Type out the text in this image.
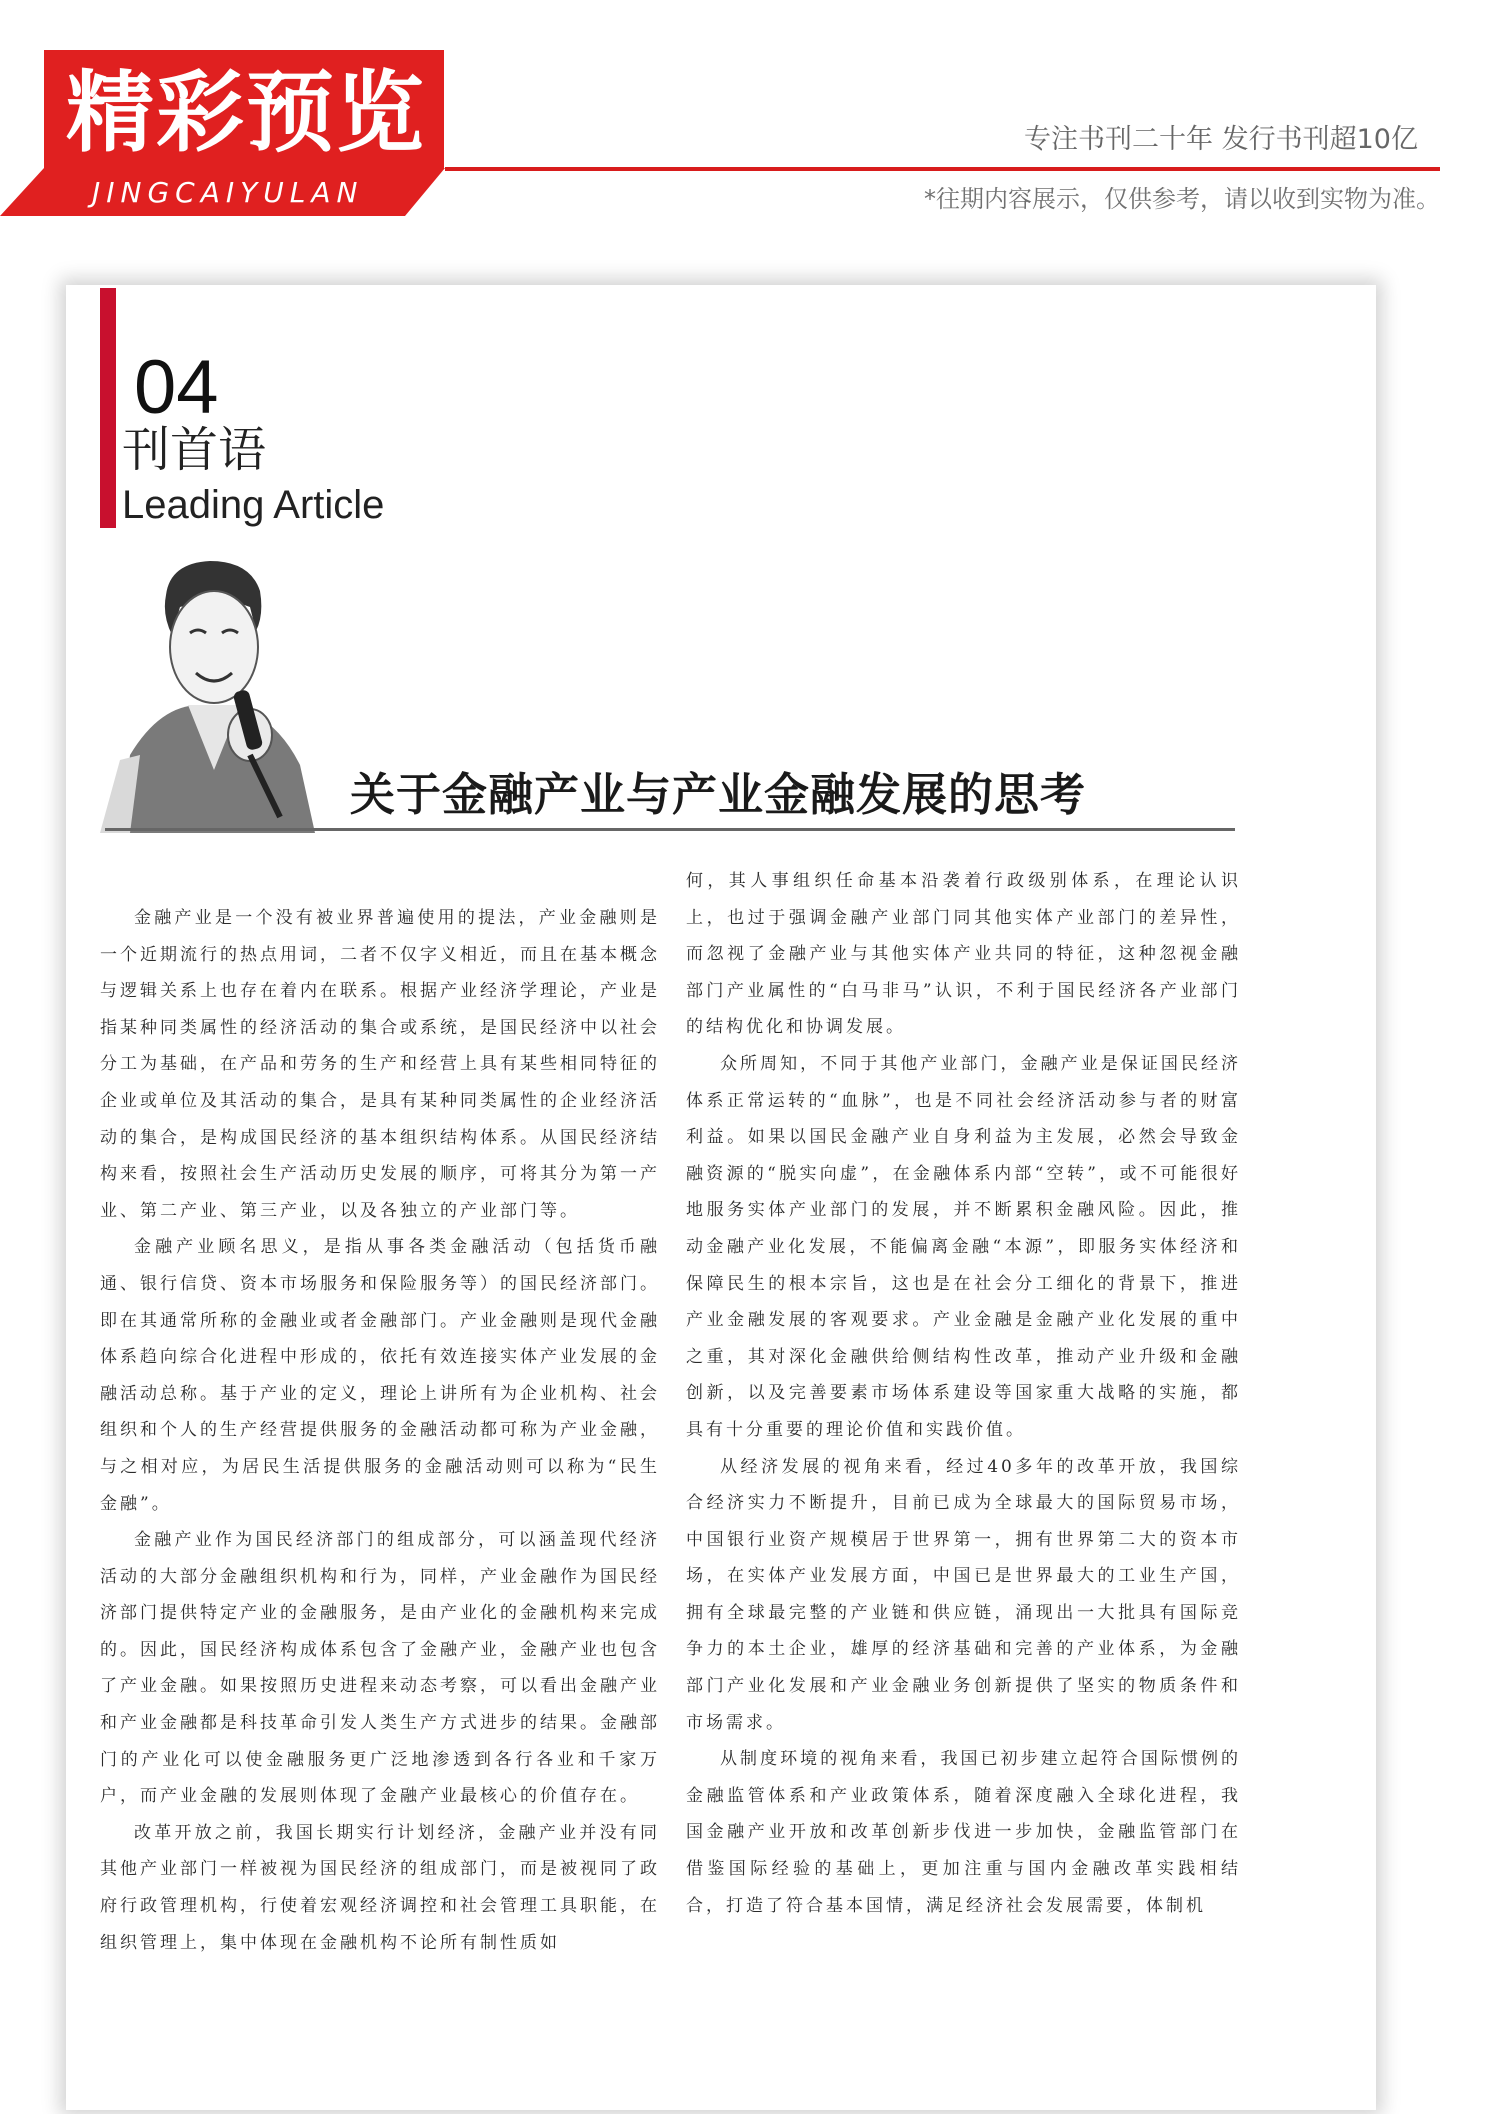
精彩预览
JINGCAIYULAN
专注书刊二十年 发行书刊超10亿
*往期内容展示，仅供参考，请以收到实物为准。
04
刊首语
Leading Article
关于金融产业与产业金融发展的思考

金融产业是一个没有被业界普遍使用的提法，产业金融则是一个近期流行的热点用词，二者不仅字义相近，而且在基本概念与逻辑关系上也存在着内在联系。根据产业经济学理论，产业是指某种同类属性的经济活动的集合或系统，是国民经济中以社会分工为基础，在产品和劳务的生产和经营上具有某些相同特征的企业或单位及其活动的集合，是具有某种同类属性的企业经济活动的集合，是构成国民经济的基本组织结构体系。从国民经济结构来看，按照社会生产活动历史发展的顺序，可将其分为第一产业、第二产业、第三产业，以及各独立的产业部门等。

金融产业顾名思义，是指从事各类金融活动（包括货币融通、银行信贷、资本市场服务和保险服务等）的国民经济部门。即在其通常所称的金融业或者金融部门。产业金融则是现代金融体系趋向综合化进程中形成的，依托有效连接实体产业发展的金融活动总称。基于产业的定义，理论上讲所有为企业机构、社会组织和个人的生产经营提供服务的金融活动都可称为产业金融，与之相对应，为居民生活提供服务的金融活动则可以称为“民生金融”。

金融产业作为国民经济部门的组成部分，可以涵盖现代经济活动的大部分金融组织机构和行为，同样，产业金融作为国民经济部门提供特定产业的金融服务，是由产业化的金融机构来完成的。因此，国民经济构成体系包含了金融产业，金融产业也包含了产业金融。如果按照历史进程来动态考察，可以看出金融产业和产业金融都是科技革命引发人类生产方式进步的结果。金融部门的产业化可以使金融服务更广泛地渗透到各行各业和千家万户，而产业金融的发展则体现了金融产业最核心的价值存在。

改革开放之前，我国长期实行计划经济，金融产业并没有同其他产业部门一样被视为国民经济的组成部门，而是被视同了政府行政管理机构，行使着宏观经济调控和社会管理工具职能，在组织管理上，集中体现在金融机构不论所有制性质如

何，其人事组织任命基本沿袭着行政级别体系，在理论认识上，也过于强调金融产业部门同其他实体产业部门的差异性，而忽视了金融产业与其他实体产业共同的特征，这种忽视金融部门产业属性的“白马非马”认识，不利于国民经济各产业部门的结构优化和协调发展。

众所周知，不同于其他产业部门，金融产业是保证国民经济体系正常运转的“血脉”，也是不同社会经济活动参与者的财富利益。如果以国民金融产业自身利益为主发展，必然会导致金融资源的“脱实向虚”，在金融体系内部“空转”，或不可能很好地服务实体产业部门的发展，并不断累积金融风险。因此，推动金融产业化发展，不能偏离金融“本源”，即服务实体经济和保障民生的根本宗旨，这也是在社会分工细化的背景下，推进产业金融发展的客观要求。产业金融是金融产业化发展的重中之重，其对深化金融供给侧结构性改革，推动产业升级和金融创新，以及完善要素市场体系建设等国家重大战略的实施，都具有十分重要的理论价值和实践价值。

从经济发展的视角来看，经过40多年的改革开放，我国综合经济实力不断提升，目前已成为全球最大的国际贸易市场，中国银行业资产规模居于世界第一，拥有世界第二大的资本市场，在实体产业发展方面，中国已是世界最大的工业生产国，拥有全球最完整的产业链和供应链，涌现出一大批具有国际竞争力的本土企业，雄厚的经济基础和完善的产业体系，为金融部门产业化发展和产业金融业务创新提供了坚实的物质条件和市场需求。

从制度环境的视角来看，我国已初步建立起符合国际惯例的金融监管体系和产业政策体系，随着深度融入全球化进程，我国金融产业开放和改革创新步伐进一步加快，金融监管部门在借鉴国际经验的基础上，更加注重与国内金融改革实践相结合，打造了符合基本国情，满足经济社会发展需要，体制机
